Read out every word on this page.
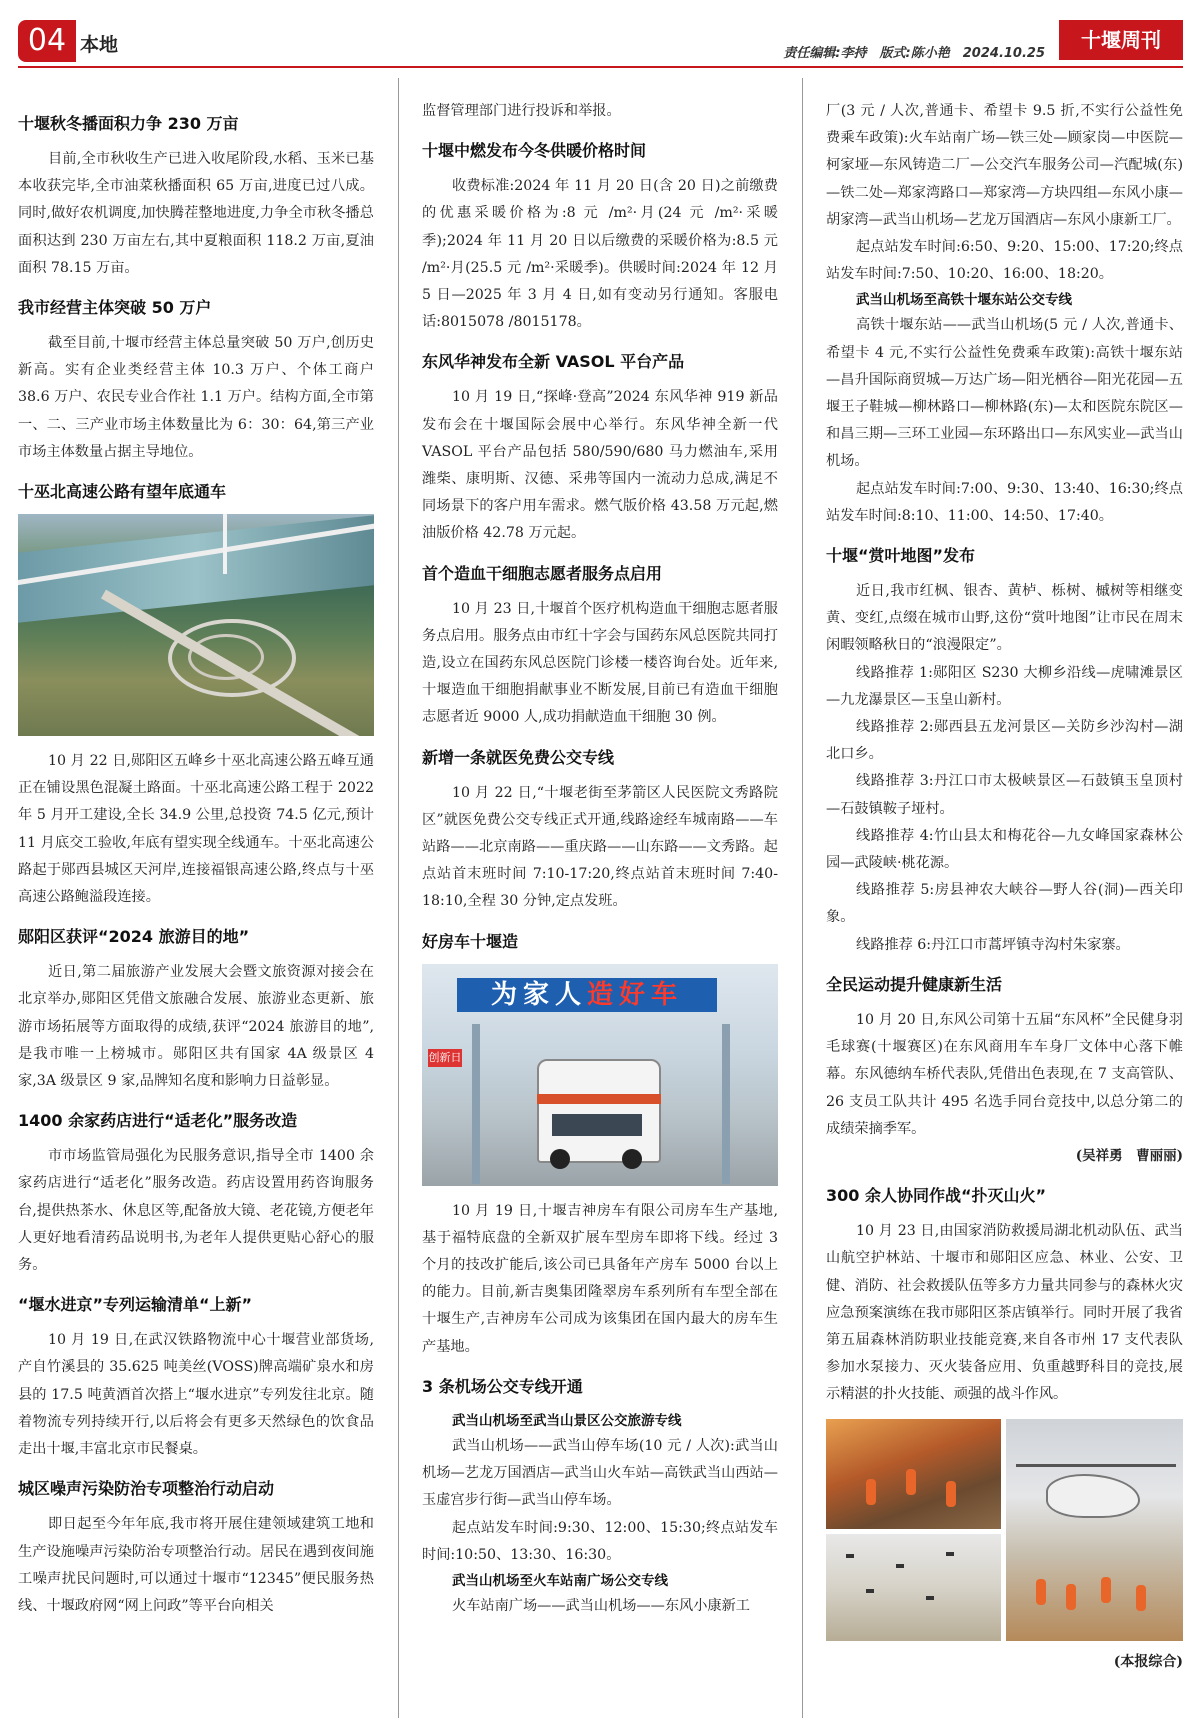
04 本地	责任编辑:李持　版式:陈小艳　2024.10.25
十堰周刊
十堰秋冬播面积力争 230 万亩

目前,全市秋收生产已进入收尾阶段,水稻、玉米已基本收获完毕,全市油菜秋播面积 65 万亩,进度已过八成。同时,做好农机调度,加快腾茬整地进度,力争全市秋冬播总面积达到 230 万亩左右,其中夏粮面积 118.2 万亩,夏油面积 78.15 万亩。

我市经营主体突破 50 万户

截至目前,十堰市经营主体总量突破 50 万户,创历史新高。实有企业类经营主体 10.3 万户、个体工商户 38.6 万户、农民专业合作社 1.1 万户。结构方面,全市第一、二、三产业市场主体数量比为 6：30：64,第三产业市场主体数量占据主导地位。

十巫北高速公路有望年底通车

10 月 22 日,郧阳区五峰乡十巫北高速公路五峰互通正在铺设黑色混凝土路面。十巫北高速公路工程于 2022 年 5 月开工建设,全长 34.9 公里,总投资 74.5 亿元,预计 11 月底交工验收,年底有望实现全线通车。十巫北高速公路起于郧西县城区天河岸,连接福银高速公路,终点与十巫高速公路鲍溢段连接。

郧阳区获评“2024 旅游目的地”

近日,第二届旅游产业发展大会暨文旅资源对接会在北京举办,郧阳区凭借文旅融合发展、旅游业态更新、旅游市场拓展等方面取得的成绩,获评“2024 旅游目的地”,是我市唯一上榜城市。郧阳区共有国家 4A 级景区 4 家,3A 级景区 9 家,品牌知名度和影响力日益彰显。

1400 余家药店进行“适老化”服务改造

市市场监管局强化为民服务意识,指导全市 1400 余家药店进行“适老化”服务改造。药店设置用药咨询服务台,提供热茶水、休息区等,配备放大镜、老花镜,方便老年人更好地看清药品说明书,为老年人提供更贴心舒心的服务。

“堰水进京”专列运输清单“上新”

10 月 19 日,在武汉铁路物流中心十堰营业部货场,产自竹溪县的 35.625 吨美丝(VOSS)牌高端矿泉水和房县的 17.5 吨黄酒首次搭上“堰水进京”专列发往北京。随着物流专列持续开行,以后将会有更多天然绿色的饮食品走出十堰,丰富北京市民餐桌。

城区噪声污染防治专项整治行动启动

即日起至今年年底,我市将开展住建领域建筑工地和生产设施噪声污染防治专项整治行动。居民在遇到夜间施工噪声扰民问题时,可以通过十堰市“12345”便民服务热线、十堰政府网“网上问政”等平台向相关

监督管理部门进行投诉和举报。

十堰中燃发布今冬供暖价格时间

收费标准:2024 年 11 月 20 日(含 20 日)之前缴费的优惠采暖价格为:8 元 /m²·月(24 元 /m²·采暖季);2024 年 11 月 20 日以后缴费的采暖价格为:8.5 元 /m²·月(25.5 元 /m²·采暖季)。供暖时间:2024 年 12 月 5 日—2025 年 3 月 4 日,如有变动另行通知。客服电话:8015078 /8015178。

东风华神发布全新 VASOL 平台产品

10 月 19 日,“探峰·登高”2024 东风华神 919 新品发布会在十堰国际会展中心举行。东风华神全新一代 VASOL 平台产品包括 580/590/680 马力燃油车,采用潍柴、康明斯、汉德、采弗等国内一流动力总成,满足不同场景下的客户用车需求。燃气版价格 43.58 万元起,燃油版价格 42.78 万元起。

首个造血干细胞志愿者服务点启用

10 月 23 日,十堰首个医疗机构造血干细胞志愿者服务点启用。服务点由市红十字会与国药东风总医院共同打造,设立在国药东风总医院门诊楼一楼咨询台处。近年来,十堰造血干细胞捐献事业不断发展,目前已有造血干细胞志愿者近 9000 人,成功捐献造血干细胞 30 例。

新增一条就医免费公交专线

10 月 22 日,“十堰老街至茅箭区人民医院文秀路院区”就医免费公交专线正式开通,线路途经车城南路——车站路——北京南路——重庆路——山东路——文秀路。起点站首末班时间 7:10-17:20,终点站首末班时间 7:40-18:10,全程 30 分钟,定点发班。

好房车十堰造
为家人造好车
创新日

10 月 19 日,十堰吉神房车有限公司房车生产基地,基于福特底盘的全新双扩展车型房车即将下线。经过 3 个月的技改扩能后,该公司已具备年产房车 5000 台以上的能力。目前,新吉奥集团隆翠房车系列所有车型全部在十堰生产,吉神房车公司成为该集团在国内最大的房车生产基地。

3 条机场公交专线开通
武当山机场至武当山景区公交旅游专线

武当山机场——武当山停车场(10 元 / 人次):武当山机场—艺龙万国酒店—武当山火车站—高铁武当山西站—玉虚宫步行街—武当山停车场。

起点站发车时间:9:30、12:00、15:30;终点站发车时间:10:50、13:30、16:30。

武当山机场至火车站南广场公交专线

火车站南广场——武当山机场——东风小康新工

厂(3 元 / 人次,普通卡、希望卡 9.5 折,不实行公益性免费乘车政策):火车站南广场—铁三处—顾家岗—中医院—柯家垭—东风铸造二厂—公交汽车服务公司—汽配城(东)—铁二处—郑家湾路口—郑家湾—方块四组—东风小康—胡家湾—武当山机场—艺龙万国酒店—东风小康新工厂。

起点站发车时间:6:50、9:20、15:00、17:20;终点站发车时间:7:50、10:20、16:00、18:20。

武当山机场至高铁十堰东站公交专线

高铁十堰东站——武当山机场(5 元 / 人次,普通卡、希望卡 4 元,不实行公益性免费乘车政策):高铁十堰东站—昌升国际商贸城—万达广场—阳光栖谷—阳光花园—五堰王子鞋城—柳林路口—柳林路(东)—太和医院东院区—和昌三期—三环工业园—东环路出口—东风实业—武当山机场。

起点站发车时间:7:00、9:30、13:40、16:30;终点站发车时间:8:10、11:00、14:50、17:40。

十堰“赏叶地图”发布

近日,我市红枫、银杏、黄栌、栎树、槭树等相继变黄、变红,点缀在城市山野,这份“赏叶地图”让市民在周末闲暇领略秋日的“浪漫限定”。

线路推荐 1:郧阳区 S230 大柳乡沿线—虎啸滩景区—九龙瀑景区—玉皇山新村。

线路推荐 2:郧西县五龙河景区—关防乡沙沟村—湖北口乡。

线路推荐 3:丹江口市太极峡景区—石鼓镇玉皇顶村—石鼓镇鞍子垭村。

线路推荐 4:竹山县太和梅花谷—九女峰国家森林公园—武陵峡·桃花源。

线路推荐 5:房县神农大峡谷—野人谷(洞)—西关印象。

线路推荐 6:丹江口市蒿坪镇寺沟村朱家寨。

全民运动提升健康新生活

10 月 20 日,东风公司第十五届“东风杯”全民健身羽毛球赛(十堰赛区)在东风商用车车身厂文体中心落下帷幕。东风德纳车桥代表队,凭借出色表现,在 7 支高管队、26 支员工队共计 495 名选手同台竞技中,以总分第二的成绩荣摘季军。

(吴祥勇　曹丽丽)
300 余人协同作战“扑灭山火”

10 月 23 日,由国家消防救援局湖北机动队伍、武当山航空护林站、十堰市和郧阳区应急、林业、公安、卫健、消防、社会救援队伍等多方力量共同参与的森林火灾应急预案演练在我市郧阳区茶店镇举行。同时开展了我省第五届森林消防职业技能竞赛,来自各市州 17 支代表队参加水泵接力、灭火装备应用、负重越野科目的竞技,展示精湛的扑火技能、顽强的战斗作风。

(本报综合)
